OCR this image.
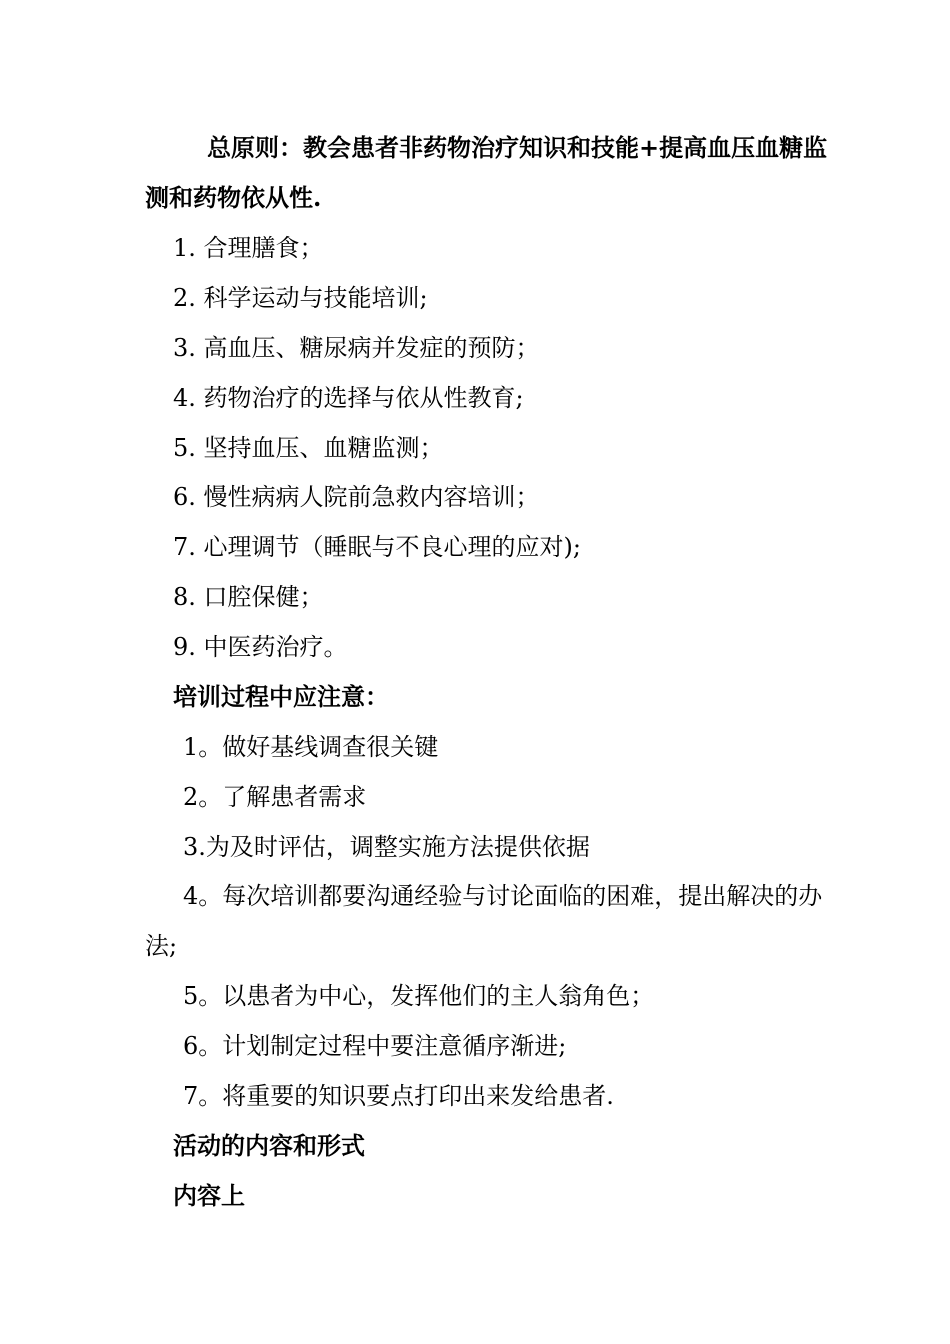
总原则：教会患者非药物治疗知识和技能+提高血压血糖监
测和药物依从性.
1. 合理膳食；
2. 科学运动与技能培训;
3. 高血压、糖尿病并发症的预防；
4. 药物治疗的选择与依从性教育;
5. 坚持血压、血糖监测；
6. 慢性病病人院前急救内容培训；
7. 心理调节（睡眠与不良心理的应对);
8. 口腔保健；
9. 中医药治疗。
培训过程中应注意：
1。做好基线调查很关键
2。了解患者需求
3.为及时评估，调整实施方法提供依据
4。每次培训都要沟通经验与讨论面临的困难，提出解决的办
法;
5。以患者为中心，发挥他们的主人翁角色；
6。计划制定过程中要注意循序渐进;
7。将重要的知识要点打印出来发给患者.
活动的内容和形式
内容上
